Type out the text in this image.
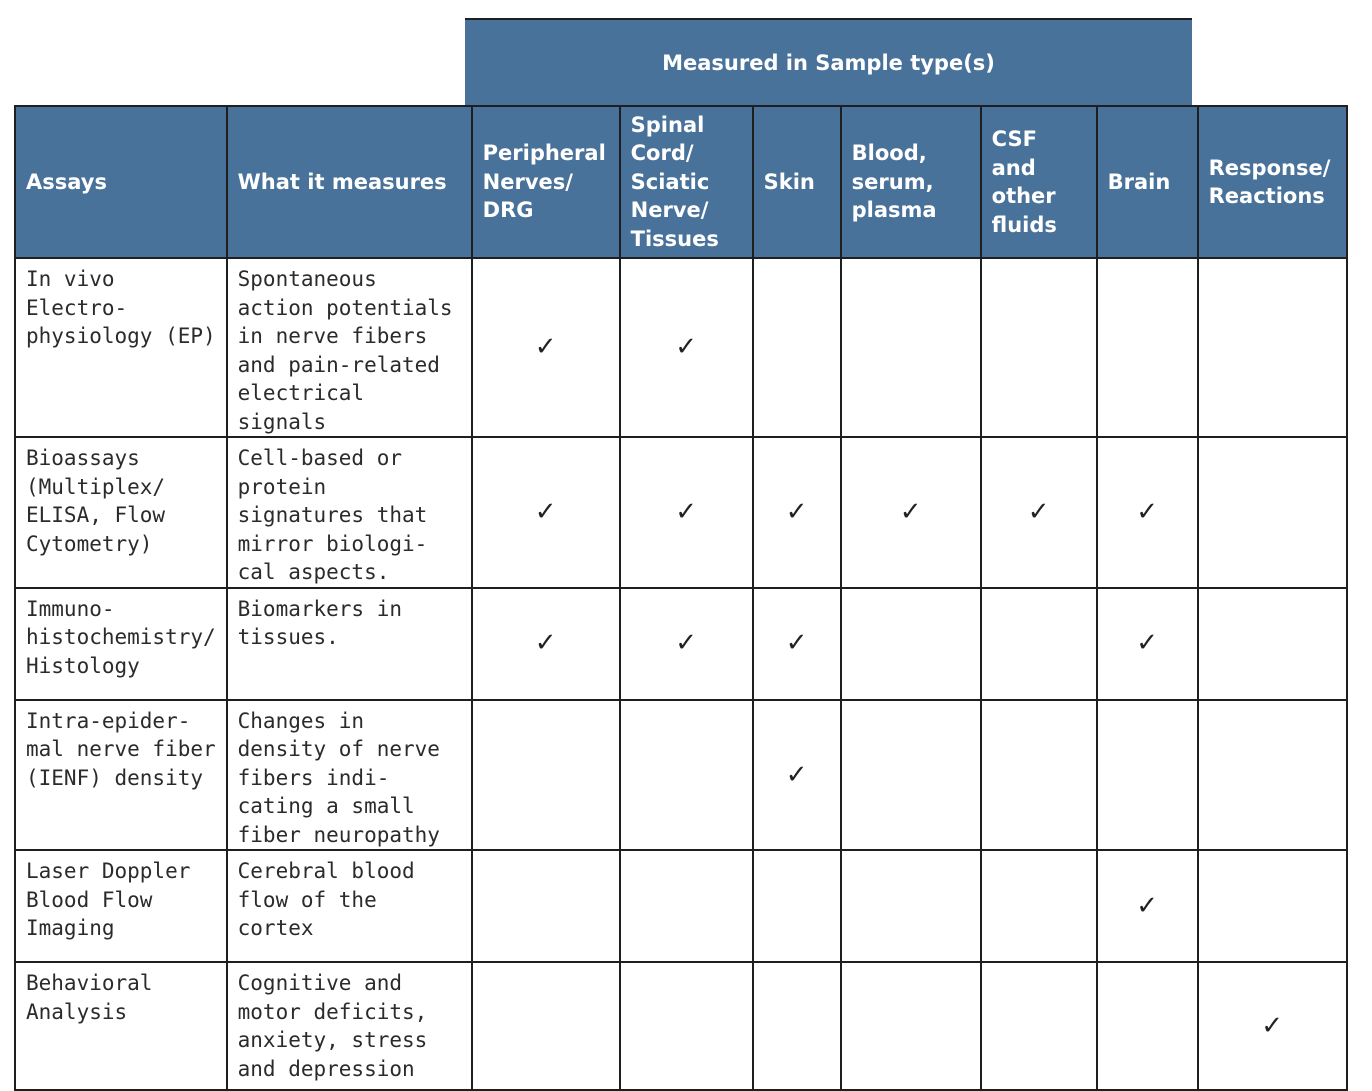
Measured in Sample type(s)
Assays	What it measures	Peripheral Nerves/ DRG	Spinal Cord/ Sciatic Nerve/ Tissues	Skin	Blood, serum, plasma	CSF and other fluids	Brain	Response/ Reactions
In vivo Electro-physiology (EP)	Spontaneous action potentials in nerve fibers and pain-related electrical signals	✓	✓					
Bioassays (Multiplex/ ELISA, Flow Cytometry)	Cell-based or protein signatures that mirror biologi-cal aspects.	✓	✓	✓	✓	✓	✓	
Immuno-histochemistry/ Histology	Biomarkers in tissues.	✓	✓	✓			✓	
Intra-epider-mal nerve fiber (IENF) density	Changes in density of nerve fibers indi-cating a small fiber neuropathy			✓				
Laser Doppler Blood Flow Imaging	Cerebral blood flow of the cortex						✓	
Behavioral Analysis	Cognitive and motor deficits, anxiety, stress and depression							✓
